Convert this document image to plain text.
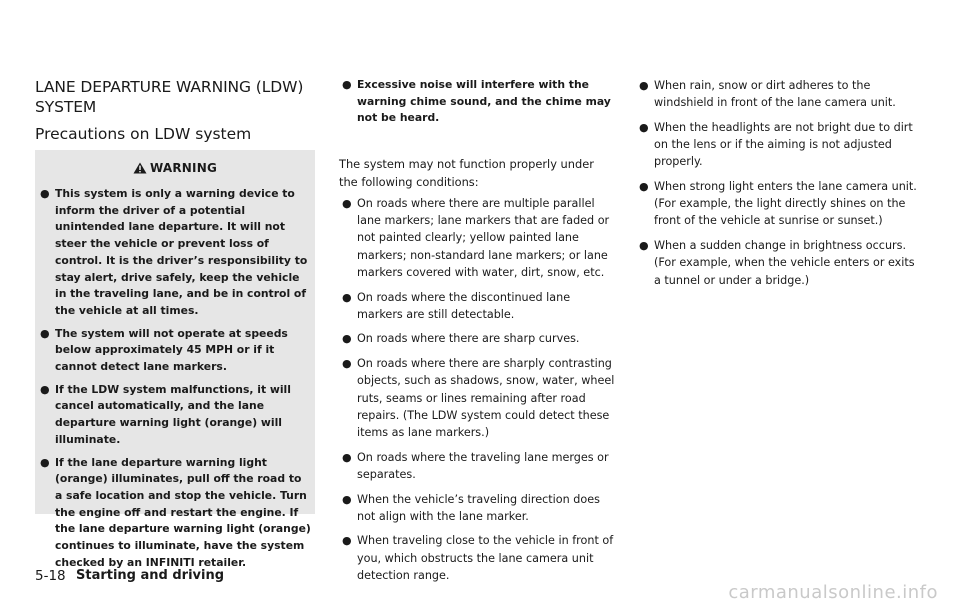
LANE DEPARTURE WARNING (LDW)
SYSTEM
Precautions on LDW system
WARNING
● This system is only a warning device to inform the driver of a potential unintended lane departure. It will not steer the vehicle or prevent loss of control. It is the driver’s responsibility to stay alert, drive safely, keep the vehicle in the traveling lane, and be in control of the vehicle at all times.
● The system will not operate at speeds below approximately 45 MPH or if it cannot detect lane markers.
● If the LDW system malfunctions, it will cancel automatically, and the lane departure warning light (orange) will illuminate.
● If the lane departure warning light (orange) illuminates, pull off the road to a safe location and stop the vehicle. Turn the engine off and restart the engine. If the lane departure warning light (orange) continues to illuminate, have the system checked by an INFINITI retailer.
● Excessive noise will interfere with the warning chime sound, and the chime may not be heard.
The system may not function properly under the following conditions:
● On roads where there are multiple parallel lane markers; lane markers that are faded or not painted clearly; yellow painted lane markers; non-standard lane markers; or lane markers covered with water, dirt, snow, etc.
● On roads where the discontinued lane markers are still detectable.
● On roads where there are sharp curves.
● On roads where there are sharply contrasting objects, such as shadows, snow, water, wheel ruts, seams or lines remaining after road repairs. (The LDW system could detect these items as lane markers.)
● On roads where the traveling lane merges or separates.
● When the vehicle’s traveling direction does not align with the lane marker.
● When traveling close to the vehicle in front of you, which obstructs the lane camera unit detection range.
● When rain, snow or dirt adheres to the windshield in front of the lane camera unit.
● When the headlights are not bright due to dirt on the lens or if the aiming is not adjusted properly.
● When strong light enters the lane camera unit. (For example, the light directly shines on the front of the vehicle at sunrise or sunset.)
● When a sudden change in brightness occurs. (For example, when the vehicle enters or exits a tunnel or under a bridge.)
5-18 Starting and driving
carmanualsonline.info
